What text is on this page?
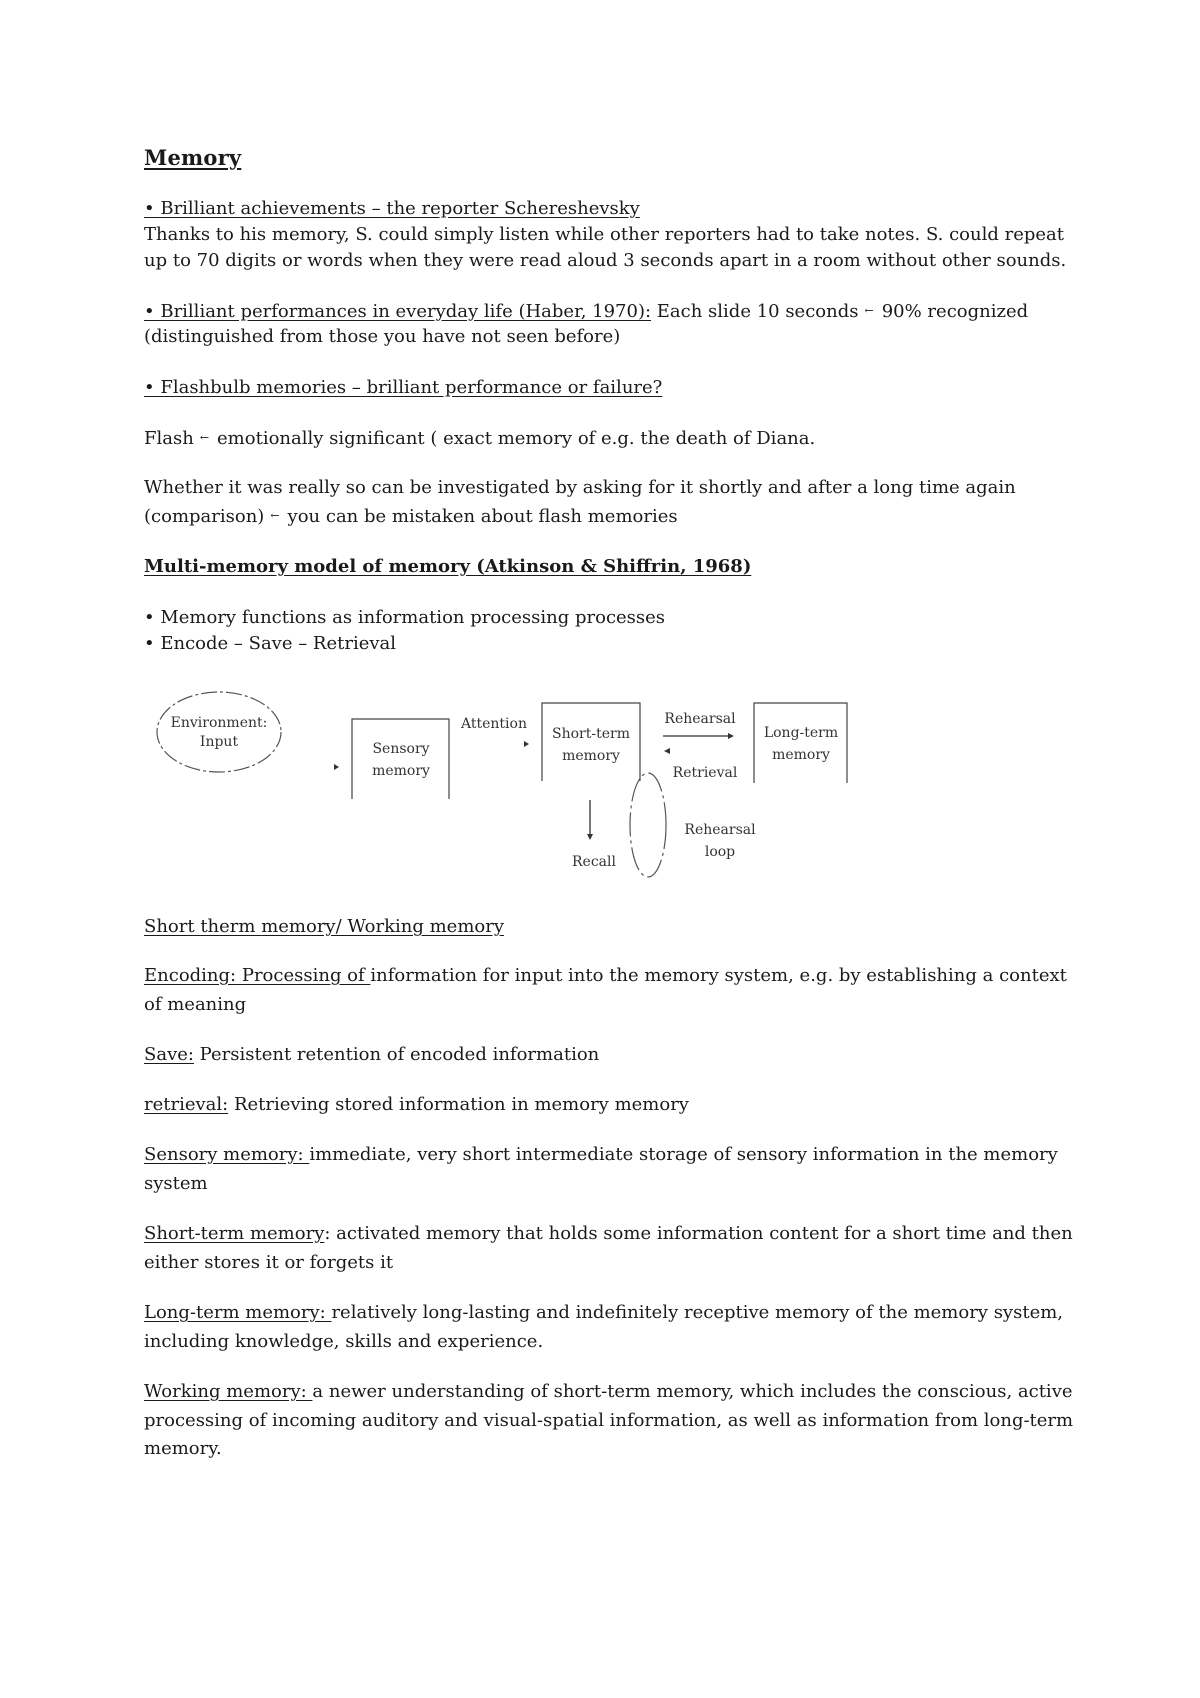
Memory

• Brilliant achievements – the reporter Schereshevsky

Thanks to his memory, S. could simply listen while other reporters had to take notes. S. could repeat

up to 70 digits or words when they were read aloud 3 seconds apart in a room without other sounds.

• Brilliant performances in everyday life (Haber, 1970): Each slide 10 seconds ← 90% recognized

(distinguished from those you have not seen before)

• Flashbulb memories – brilliant performance or failure?

Flash ← emotionally significant ( exact memory of e.g. the death of Diana.

Whether it was really so can be investigated by asking for it shortly and after a long time again

(comparison) ← you can be mistaken about flash memories

Multi-memory model of memory (Atkinson & Shiffrin, 1968)

• Memory functions as information processing processes

• Encode – Save – Retrieval

Environment:
Input	Sensory
memory
Attention
Short-term
memory
Rehearsal
Retrieval
Long-term
memory
Recall
Rehearsal
loop

Short therm memory/ Working memory

Encoding: Processing of information for input into the memory system, e.g. by establishing a context of meaning

Save: Persistent retention of encoded information

retrieval: Retrieving stored information in memory memory

Sensory memory: immediate, very short intermediate storage of sensory information in the memory system

Short-term memory: activated memory that holds some information content for a short time and then either stores it or forgets it

Long-term memory: relatively long-lasting and indefinitely receptive memory of the memory system, including knowledge, skills and experience.

Working memory: a newer understanding of short-term memory, which includes the conscious, active processing of incoming auditory and visual-spatial information, as well as information from long-term memory.
